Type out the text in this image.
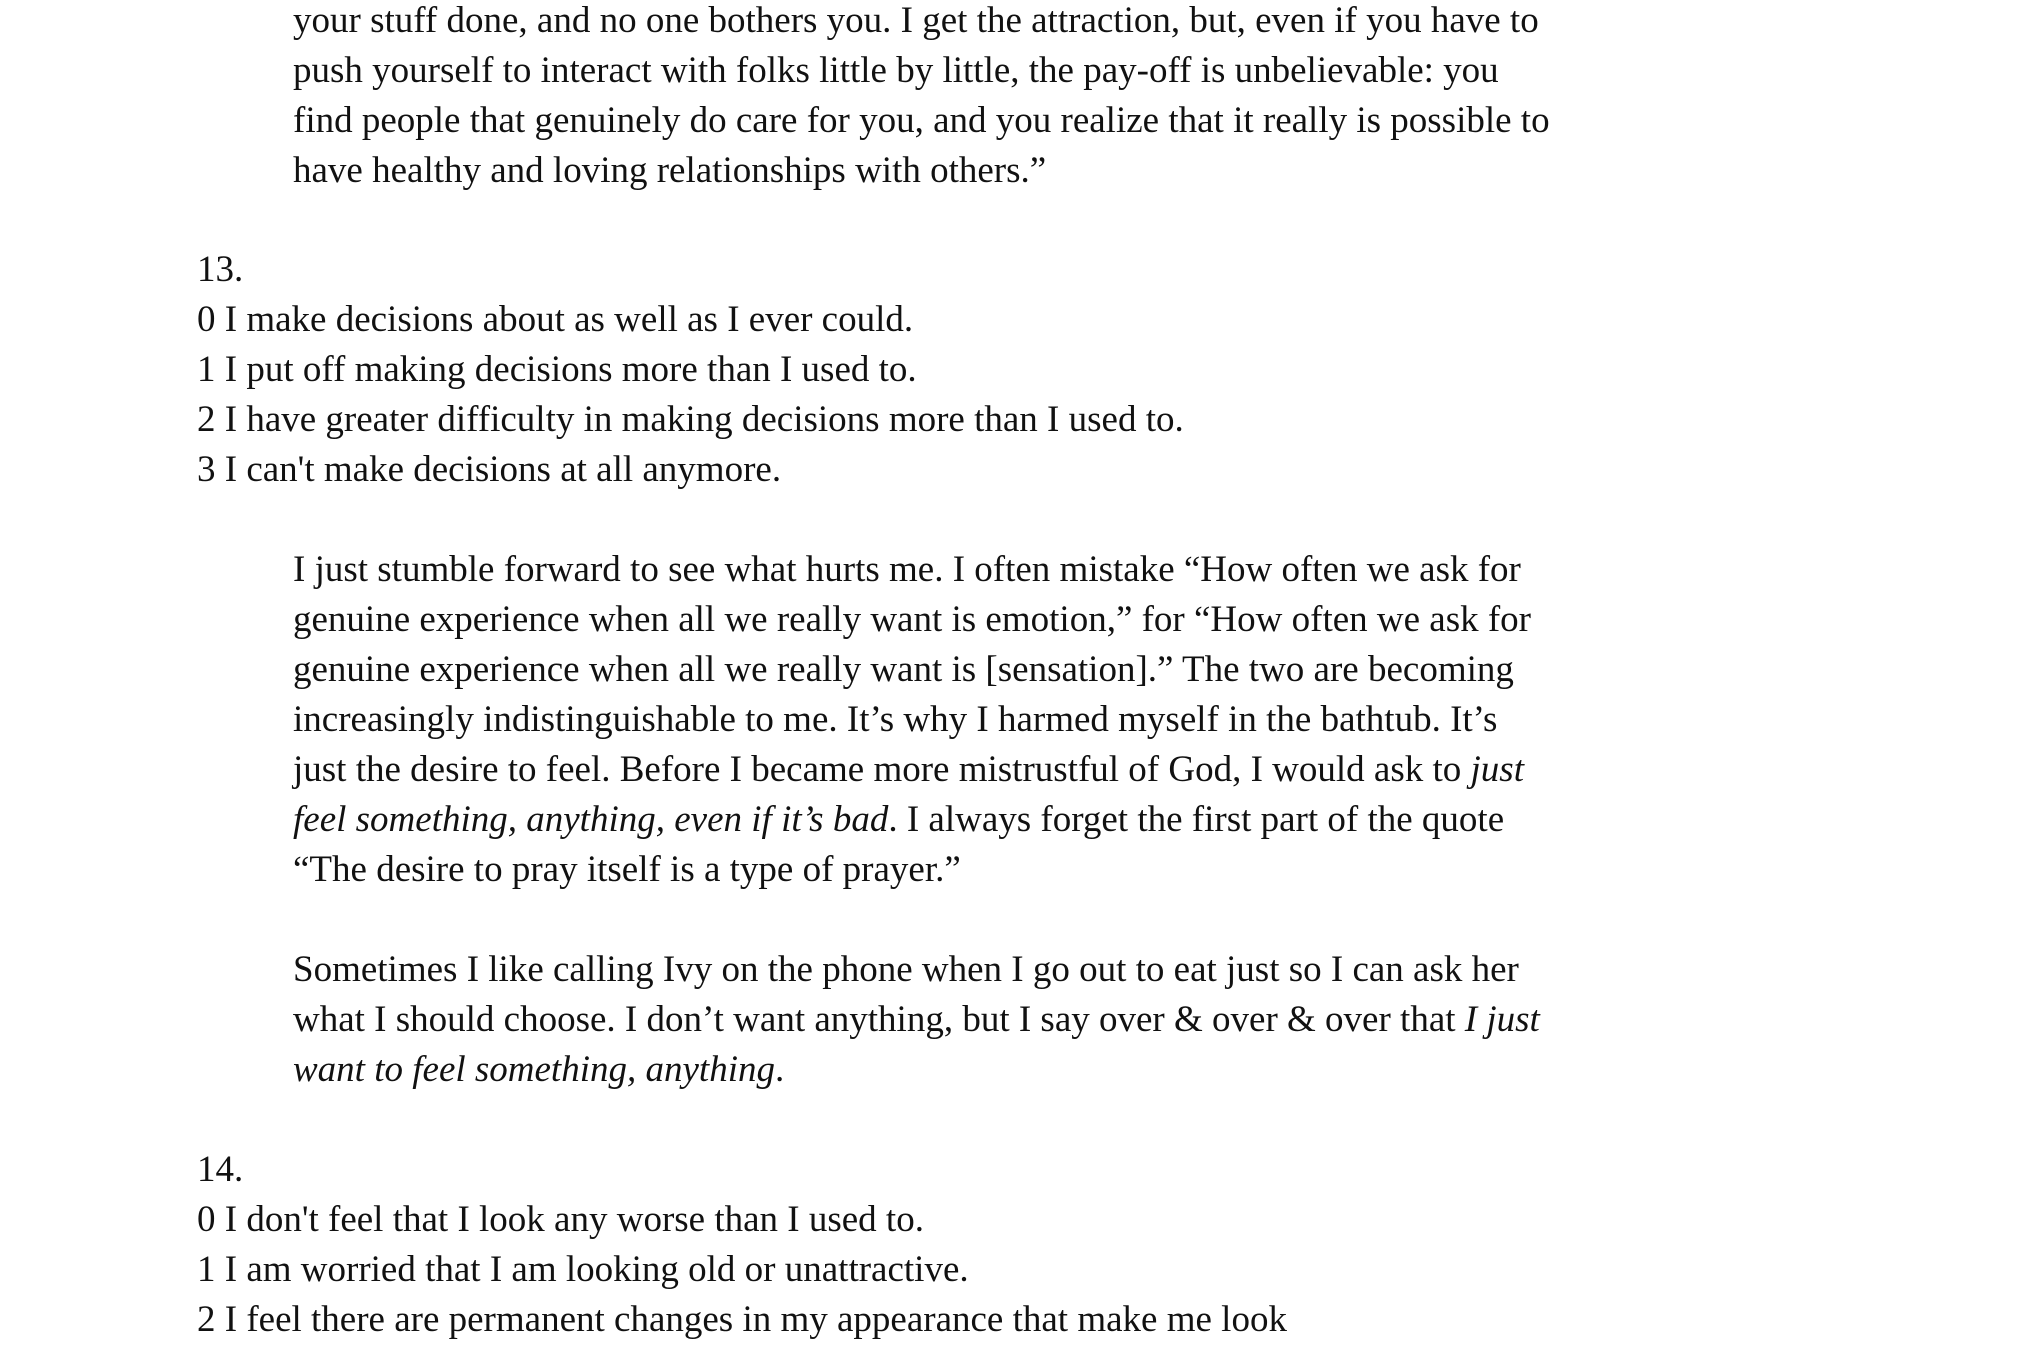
your stuff done, and no one bothers you. I get the attraction, but, even if you have to
push yourself to interact with folks little by little, the pay-off is unbelievable: you
find people that genuinely do care for you, and you realize that it really is possible to
have healthy and loving relationships with others.”
13.
0 I make decisions about as well as I ever could.
1 I put off making decisions more than I used to.
2 I have greater difficulty in making decisions more than I used to.
3 I can't make decisions at all anymore.
I just stumble forward to see what hurts me. I often mistake “How often we ask for
genuine experience when all we really want is emotion,” for “How often we ask for
genuine experience when all we really want is [sensation].” The two are becoming
increasingly indistinguishable to me. It’s why I harmed myself in the bathtub. It’s
just the desire to feel. Before I became more mistrustful of God, I would ask to just
feel something, anything, even if it’s bad. I always forget the first part of the quote
“The desire to pray itself is a type of prayer.”
Sometimes I like calling Ivy on the phone when I go out to eat just so I can ask her
what I should choose. I don’t want anything, but I say over & over & over that I just
want to feel something, anything.
14.
0 I don't feel that I look any worse than I used to.
1 I am worried that I am looking old or unattractive.
2 I feel there are permanent changes in my appearance that make me look
